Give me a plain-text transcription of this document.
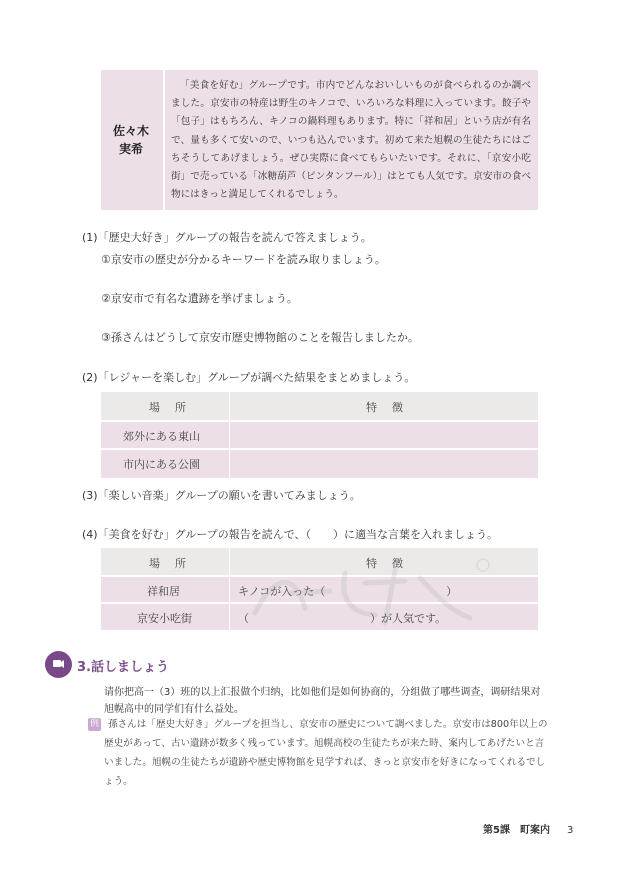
佐々木
実希
「美食を好む」グループです。市内でどんなおいしいものが食べられるのか調べました。京安市の特産は野生のキノコで、いろいろな料理に入っています。餃子や「包子」はもちろん、キノコの鍋料理もあります。特に「祥和居」という店が有名で、量も多くて安いので、いつも込んでいます。初めて来た旭幌の生徒たちにはごちそうしてあげましょう。ぜひ実際に食べてもらいたいです。それに、「京安小吃街」で売っている「冰糖葫芦（ピンタンフール）」はとても人気です。京安市の食べ物にはきっと満足してくれるでしょう。
(1)「歴史大好き」グループの報告を読んで答えましょう。
①京安市の歴史が分かるキーワードを読み取りましょう。
②京安市で有名な遺跡を挙げましょう。
③孫さんはどうして京安市歴史博物館のことを報告しましたか。
(2)「レジャーを楽しむ」グループが調べた結果をまとめましょう。
場　所	特　徴
郊外にある東山
市内にある公園
(3)「楽しい音楽」グループの願いを書いてみましょう。
(4)「美食を好む」グループの報告を読んで、（　　）に適当な言葉を入れましょう。
場　所	特　徴
祥和居
京安小吃街
キノコが入った（　　　　　　　　　　　）
（　　　　　　　　　　　）が人気です。
3.話しましょう
请你把高一（3）班的以上汇报做个归纳，比如他们是如何协商的，分组做了哪些调查，调研结果对旭幌高中的同学们有什么益处。
例 孫さんは「歴史大好き」グループを担当し、京安市の歴史について調べました。京安市は800年以上の歴史があって、古い遺跡が数多く残っています。旭幌高校の生徒たちが来た時、案内してあげたいと言いました。旭幌の生徒たちが遺跡や歴史博物館を見学すれば、きっと京安市を好きになってくれるでしょう。
第5課　町案内 3
